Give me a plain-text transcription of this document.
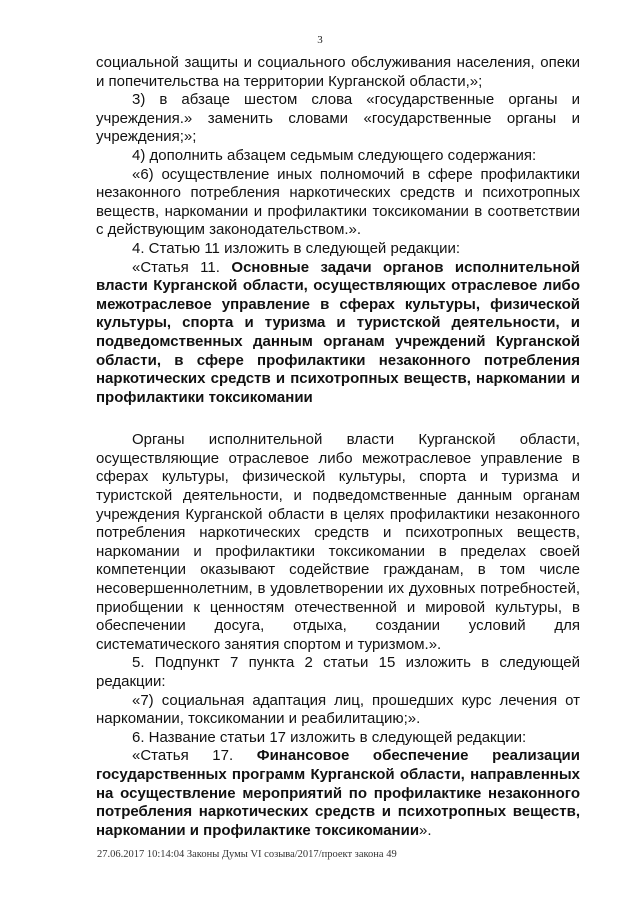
3

социальной защиты и социального обслуживания населения, опеки и попечительства на территории Курганской области,»;

3) в абзаце шестом слова «государственные органы и учреждения.» заменить словами «государственные органы и учреждения;»;

4) дополнить абзацем седьмым следующего содержания:

«6) осуществление иных полномочий в сфере профилактики незаконного потребления наркотических средств и психотропных веществ, наркомании и профилактики токсикомании в соответствии с действующим законодательством.».

4. Статью 11 изложить в следующей редакции:

«Статья 11. Основные задачи органов исполнительной власти Курганской области, осуществляющих отраслевое либо межотраслевое управление в сферах культуры, физической культуры, спорта и туризма и туристской деятельности, и подведомственных данным органам учреждений Курганской области, в сфере профилактики незаконного потребления наркотических средств и психотропных веществ, наркомании и профилактики токсикомании

Органы исполнительной власти Курганской области, осуществляющие отраслевое либо межотраслевое управление в сферах культуры, физической культуры, спорта и туризма и туристской деятельности, и подведомственные данным органам учреждения Курганской области в целях профилактики незаконного потребления наркотических средств и психотропных веществ, наркомании и профилактики токсикомании в пределах своей компетенции оказывают содействие гражданам, в том числе несовершеннолетним, в удовлетворении их духовных потребностей, приобщении к ценностям отечественной и мировой культуры, в обеспечении досуга, отдыха, создании условий для систематического занятия спортом и туризмом.».

5. Подпункт 7 пункта 2 статьи 15 изложить в следующей редакции:

«7) социальная адаптация лиц, прошедших курс лечения от наркомании, токсикомании и реабилитацию;».

6. Название статьи 17 изложить в следующей редакции:

«Статья 17. Финансовое обеспечение реализации государственных программ Курганской области, направленных на осуществление мероприятий по профилактике незаконного потребления наркотических средств и психотропных веществ, наркомании и профилактике токсикомании».

27.06.2017 10:14:04 Законы Думы VI созыва/2017/проект закона 49
